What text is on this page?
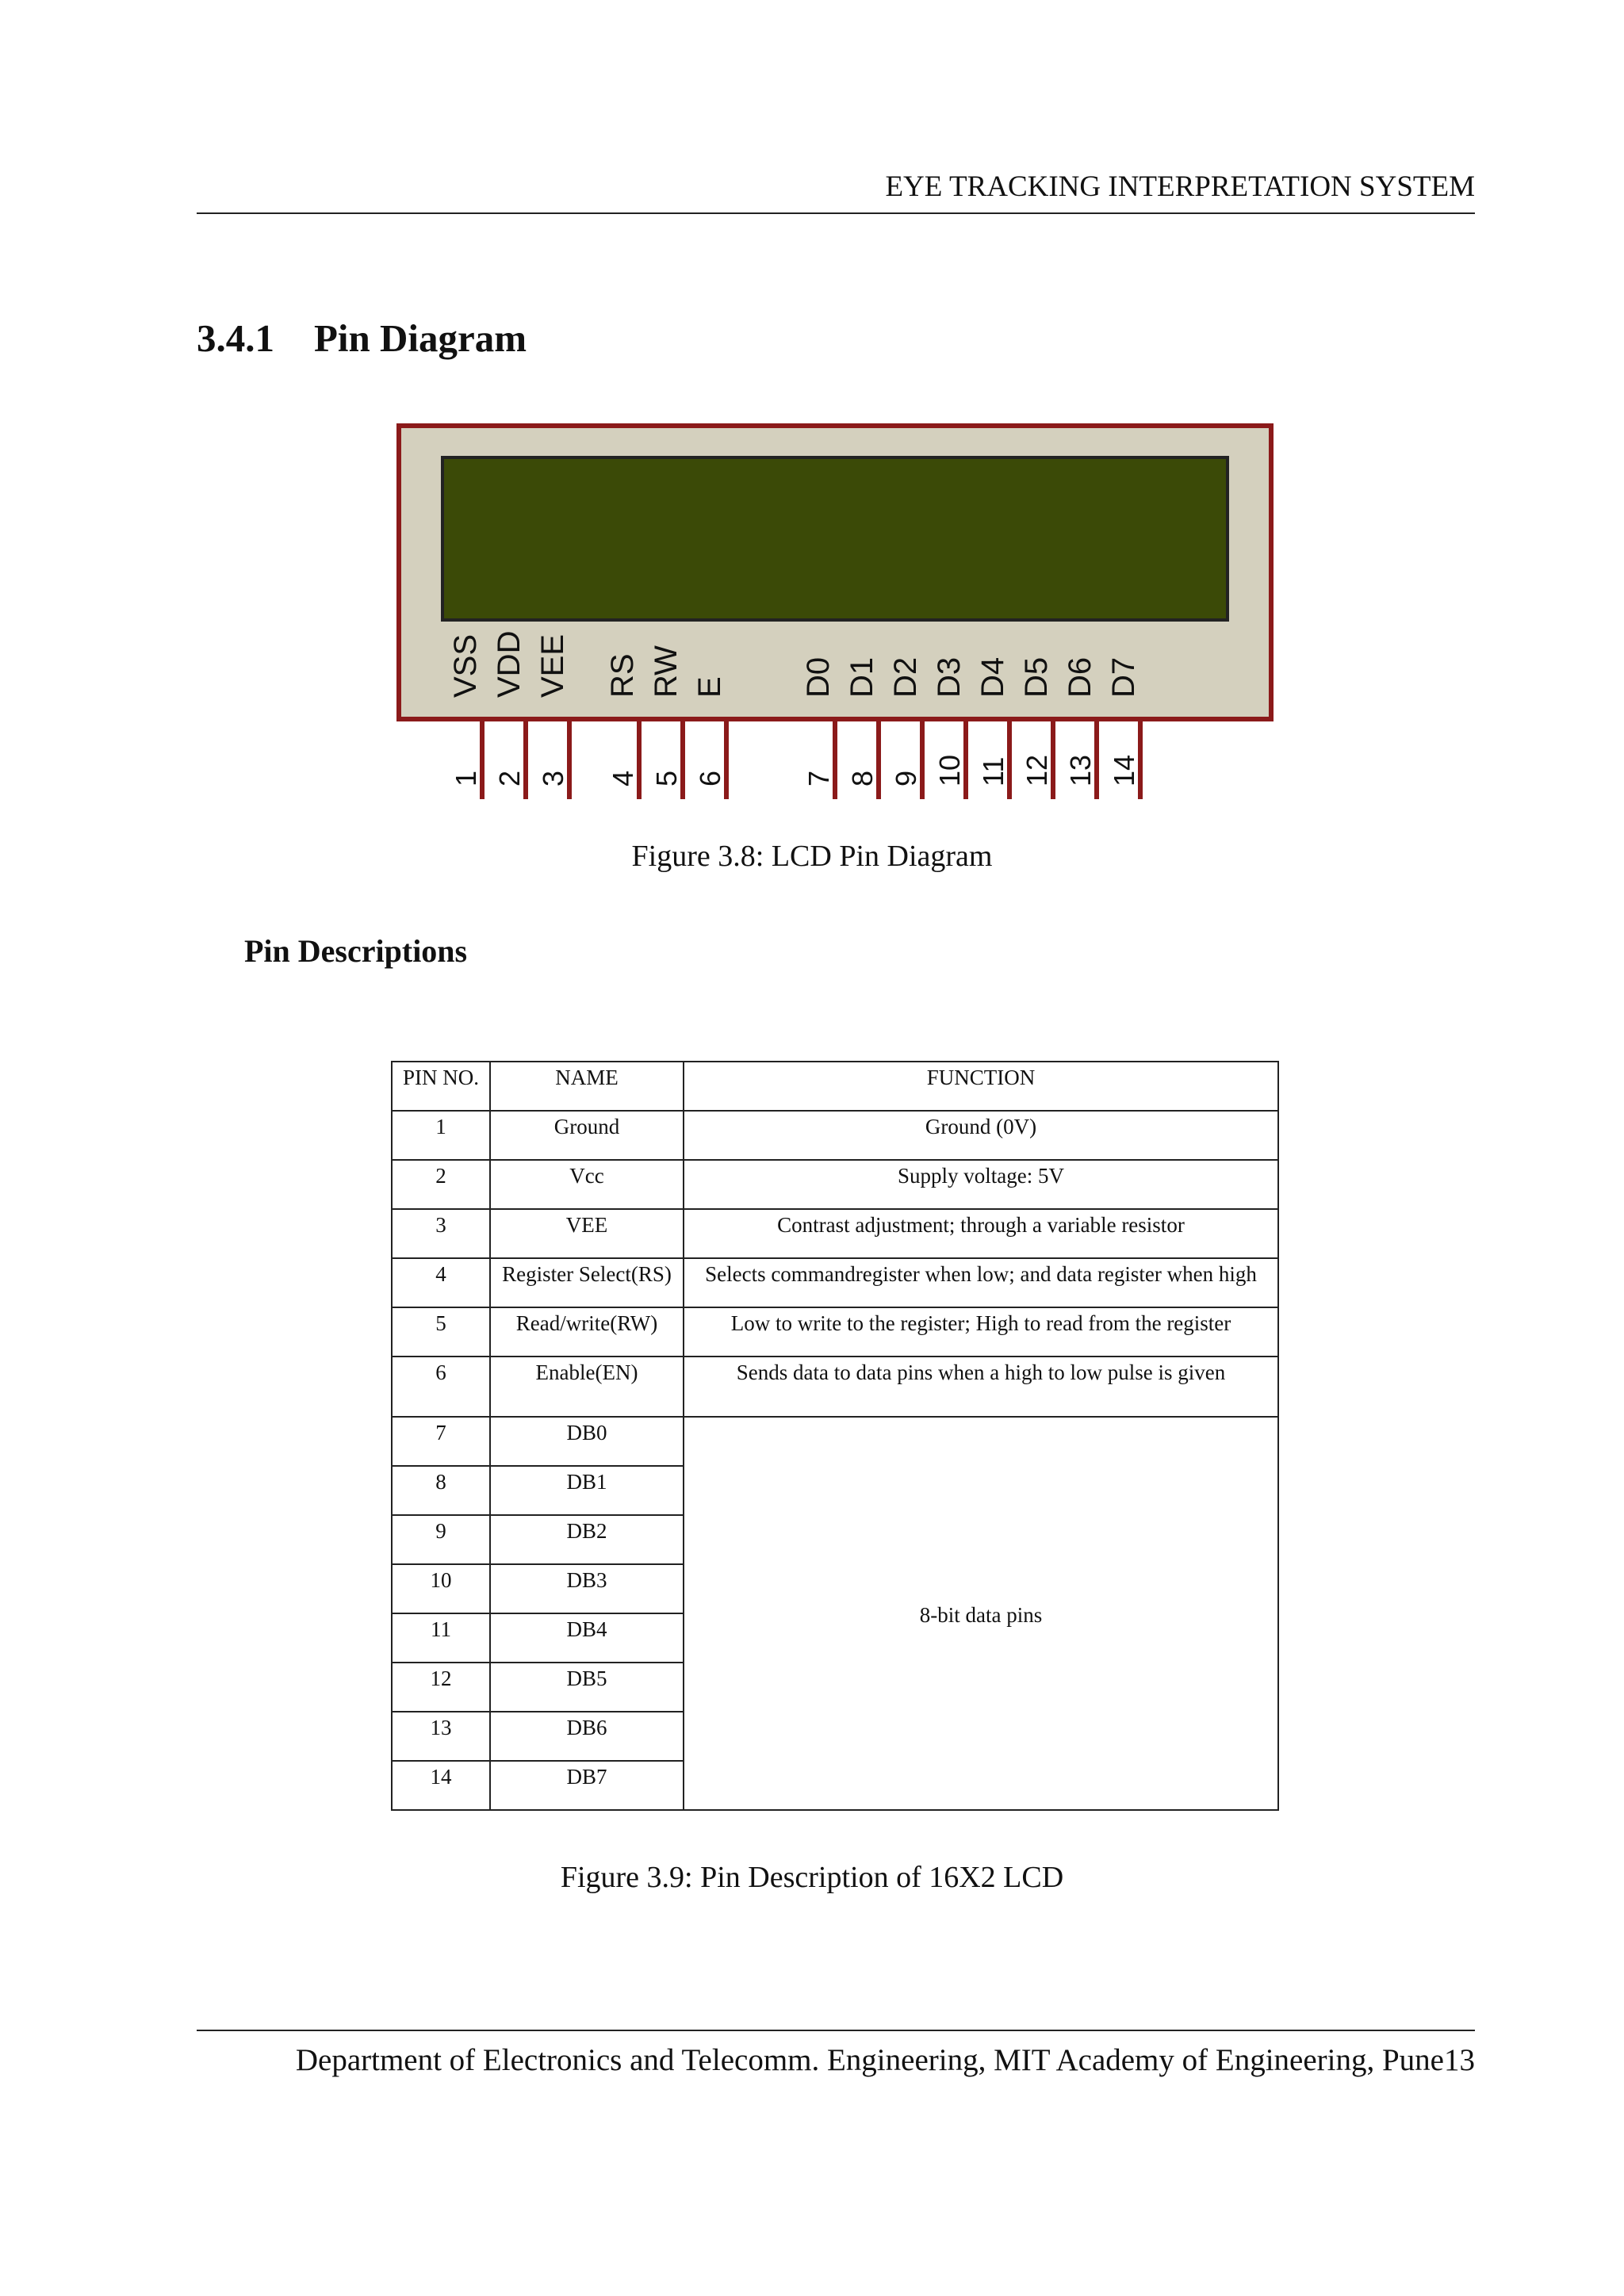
EYE TRACKING INTERPRETATION SYSTEM
3.4.1 Pin Diagram
VSS
1
VDD
2
VEE
3
RS
4
RW
5
E
6
D0
7
D1
8
D2
9
D3
10
D4
11
D5
12
D6
13
D7
14
Figure 3.8: LCD Pin Diagram
Pin Descriptions
PIN NO.	NAME	FUNCTION
1	Ground	Ground (0V)
2	Vcc	Supply voltage: 5V
3	VEE	Contrast adjustment; through a variable resistor
4	Register Select(RS)	Selects commandregister when low; and data register when high
5	Read/write(RW)	Low to write to the register; High to read from the register
6	Enable(EN)	Sends data to data pins when a high to low pulse is given
7	DB0	8-bit data pins
8	DB1	
9	DB2	
10	DB3	
11	DB4	
12	DB5	
13	DB6	
14	DB7	
Figure 3.9: Pin Description of 16X2 LCD
Department of Electronics and Telecomm. Engineering, MIT Academy of Engineering, Pune13
